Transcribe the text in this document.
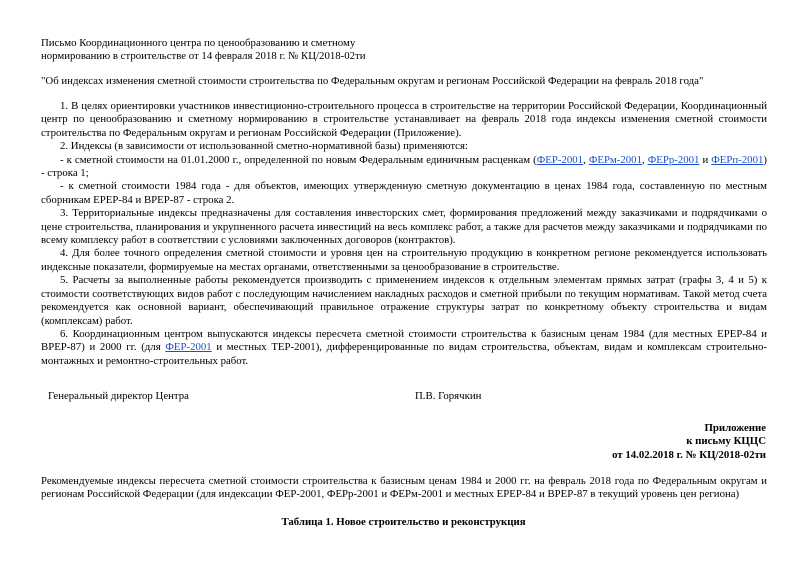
Письмо Координационного центра по ценообразованию и сметному
нормированию в строительстве от 14 февраля 2018 г. № КЦ/2018-02ти
"Об индексах изменения сметной стоимости строительства по Федеральным округам и регионам Российской Федерации на февраль 2018 года"

1. В целях ориентировки участников инвестиционно-строительного процесса в строительстве на территории Российской Федерации, Координационный центр по ценообразованию и сметному нормированию в строительстве устанавливает на февраль 2018 года индексы изменения сметной стоимости строительства по Федеральным округам и регионам Российской Федерации (Приложение).

2. Индексы (в зависимости от использованной сметно-нормативной базы) применяются:

- к сметной стоимости на 01.01.2000 г., определенной по новым Федеральным единичным расценкам (ФЕР-2001, ФЕРм-2001, ФЕРр-2001 и ФЕРп-2001) - строка 1;

- к сметной стоимости 1984 года - для объектов, имеющих утвержденную сметную документацию в ценах 1984 года, составленную по местным сборникам ЕРЕР-84 и ВРЕР-87 - строка 2.

3. Территориальные индексы предназначены для составления инвесторских смет, формирования предложений между заказчиками и подрядчиками о цене строительства, планирования и укрупненного расчета инвестиций на весь комплекс работ, а также для расчетов между заказчиками и подрядчиками по всему комплексу работ в соответствии с условиями заключенных договоров (контрактов).

4. Для более точного определения сметной стоимости и уровня цен на строительную продукцию в конкретном регионе рекомендуется использовать индексные показатели, формируемые на местах органами, ответственными за ценообразование в строительстве.

5. Расчеты за выполненные работы рекомендуется производить с применением индексов к отдельным элементам прямых затрат (графы 3, 4 и 5) к стоимости соответствующих видов работ с последующим начислением накладных расходов и сметной прибыли по текущим нормативам. Такой метод счета рекомендуется как основной вариант, обеспечивающий правильное отражение структуры затрат по конкретному объекту строительства и видам (комплексам) работ.

6. Координационным центром выпускаются индексы пересчета сметной стоимости строительства к базисным ценам 1984 (для местных ЕРЕР-84 и ВРЕР-87) и 2000 гг. (для ФЕР-2001 и местных ТЕР-2001), дифференцированные по видам строительства, объектам, видам и комплексам строительно-монтажных и ремонтно-строительных работ.

Генеральный директор Центра	П.В. Горячкин
Приложение
к письму КЦЦС
от 14.02.2018 г. № КЦ/2018-02ти
Рекомендуемые индексы пересчета сметной стоимости строительства к базисным ценам 1984 и 2000 гг. на февраль 2018 года по Федеральным округам и регионам Российской Федерации (для индексации ФЕР-2001, ФЕРр-2001 и ФЕРм-2001 и местных ЕРЕР-84 и ВРЕР-87 в текущий уровень цен региона)
Таблица 1. Новое строительство и реконструкция
